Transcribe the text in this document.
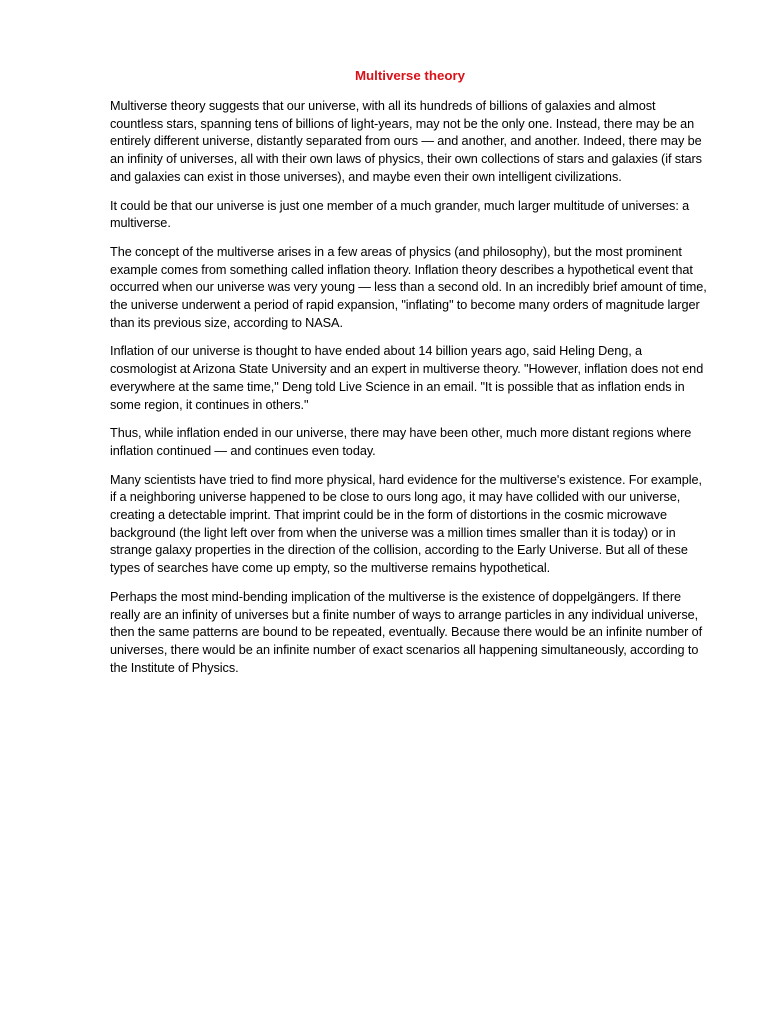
Multiverse theory

Multiverse theory suggests that our universe, with all its hundreds of billions of galaxies and almost countless stars, spanning tens of billions of light-years, may not be the only one. Instead, there may be an entirely different universe, distantly separated from ours — and another, and another. Indeed, there may be an infinity of universes, all with their own laws of physics, their own collections of stars and galaxies (if stars and galaxies can exist in those universes), and maybe even their own intelligent civilizations.

It could be that our universe is just one member of a much grander, much larger multitude of universes: a multiverse.

The concept of the multiverse arises in a few areas of physics (and philosophy), but the most prominent example comes from something called inflation theory. Inflation theory describes a hypothetical event that occurred when our universe was very young — less than a second old. In an incredibly brief amount of time, the universe underwent a period of rapid expansion, "inflating" to become many orders of magnitude larger than its previous size, according to NASA.

Inflation of our universe is thought to have ended about 14 billion years ago, said Heling Deng, a cosmologist at Arizona State University and an expert in multiverse theory. "However, inflation does not end everywhere at the same time," Deng told Live Science in an email. "It is possible that as inflation ends in some region, it continues in others."

Thus, while inflation ended in our universe, there may have been other, much more distant regions where inflation continued — and continues even today.

Many scientists have tried to find more physical, hard evidence for the multiverse's existence. For example, if a neighboring universe happened to be close to ours long ago, it may have collided with our universe, creating a detectable imprint. That imprint could be in the form of distortions in the cosmic microwave background (the light left over from when the universe was a million times smaller than it is today) or in strange galaxy properties in the direction of the collision, according to the Early Universe. But all of these types of searches have come up empty, so the multiverse remains hypothetical.

Perhaps the most mind-bending implication of the multiverse is the existence of doppelgängers. If there really are an infinity of universes but a finite number of ways to arrange particles in any individual universe, then the same patterns are bound to be repeated, eventually. Because there would be an infinite number of universes, there would be an infinite number of exact scenarios all happening simultaneously, according to the Institute of Physics.
